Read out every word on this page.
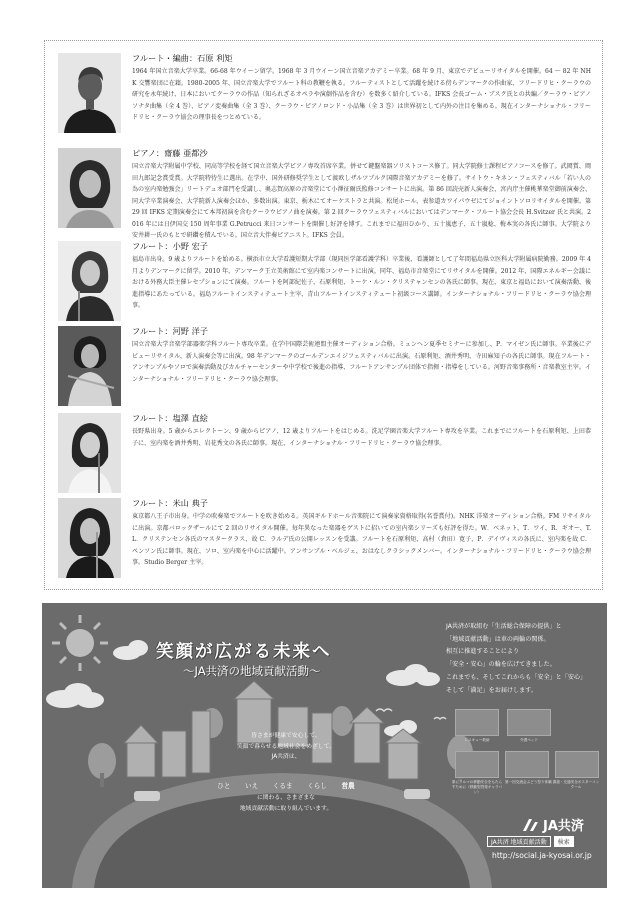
フルート・編曲：石原 利矩
1964 年国立音楽大学卒業。66-68 年ウイーン留学。1968 年 3 月ウイーン国立音楽アカデミー卒業。68 年 9 月、東京でデビューリサイタルを開催。64 ～ 82 年 NHK 交響楽団に在籍。1980-2005 年、国立音楽大学でフルート科の教鞭を執る。フルーティストとして活躍を続ける傍らデンマークの作曲家、フリードリヒ・クーラウの研究を永年続け、日本においてクーラウの作品（知られざるオペラや演劇作品を含む）を数多く紹介している。IFKS 会長ゴーム・ブスク氏との共編／クーラウ・ピアノソナタ曲集（全 4 巻）、ピアノ変奏曲集（全 3 巻）、クーラウ・ピアノロンド・小品集（全 3 巻）は世界初として内外の注目を集める。現在インターナショナル・フリードリヒ・クーラウ協会の理事長をつとめている。
ピアノ：齋藤 亜都沙
国立音楽大学附属中学校、同高等学校を経て国立音楽大学ピアノ専攻首席卒業。併せて鍵盤楽器ソリストコース修了。同大学院修士課程ピアノコースを修了。武岡賞、岡田九郎記念賞受賞。大学院特待生に選出。在学中、国外研修奨学生として渡欧しザルツブルク国際音楽アカデミーを修了。サイトウ・キネン・フェスティバル「若い人の為の室内楽勉強会」リートデュオ部門を受講し、奥志賀高原の音楽堂にて小澤征爾氏監修コンサートに出演。第 86 回読売新人演奏会、宮内庁主催桃華楽堂御前演奏会、同大学卒業演奏会、大学院新人演奏会ほか、多数出演。東京、栃木にてオーケストラと共演。松尾ホール、表参道カワイパウゼにてジョイントソロリサイタルを開催。第 29 回 IFKS 定期演奏会にて本邦初演を含むクーラウピアノ曲を演奏。第 2 回クーラウフェスティバルにおいてはデンマーク・フルート協会会長 H.Svitzer 氏と共演。2016 年には日伊国交 150 周年事業 G.Petrucci 来日コンサートを開催し好評を博す。これまでに福田ひかり、五十嵐恵子、五十嵐稔、梅本実の各氏に師事。大学院より安井耕一氏のもとで研鑽を積んでいる。国立音大伴奏ピアニスト。IFKS 会員。
フルート：小野 宏子
福島市出身。9 歳よりフルートを始める。横浜市立大学看護短期大学部（現同医学部看護学科）卒業後、看護師として了年間福島県立医科大学附属病院勤務。2009 年 4 月よりデンマークに留学。2010 年、デンマーク王立美術館にて室内楽コンサートに出演。同年、福島市音楽堂にてリサイタルを開催。2012 年、国際エネルギー会議における外務大臣主催レセプションにて演奏。フルートを阿部紀佐子、石原利矩、トーケ・ルン・クリステャンセンの各氏に師事。現在、東京と福島において演奏活動、後進指導にあたっている。福島フルートインスティテュート主宰、青山フルートインスティテュート初級コース講師。インターナショナル・フリードリヒ・クーラウ協会理事。
フルート：河野 洋子
国立音楽大学音楽学部器楽学科フルート専攻卒業。在学中国際芸術連盟主催オーディション合格。ミュンヘン夏季セミナーに参加し、P．マイゼン氏に師事。卒業後にデビューリサイタル、新人演奏会等に出演。98 年デンマークのゴールデンエイジフェスティバルに出演。石原利矩、酒井秀明、寺田麻知子の各氏に師事。現在フルート・アンサンブルやソロで演奏活動及びカルチャーセンターや中学校で後進の指導、フルートアンサンブル団体で指揮・指導をしている。河野音楽事務所・音楽教室主宰。インターナショナル・フリードリヒ・クーラウ協会理事。
フルート：塩澤 直絵
長野県出身。5 歳からエレクトーン、9 歳からピアノ、12 歳よりフルートをはじめる。洗足学園音楽大学フルート専攻を卒業。これまでにフルートを石原利矩、上田恭子に、室内楽を酒井秀明、岩花秀文の各氏に師事。現在、インターナショナル・フリードリヒ・クーラウ協会理事。
フルート：米山 典子
東京都八王子市出身。中学の吹奏楽でフルートを吹き始める。英国ギルドホール音楽院にて演奏家資格取得(名誉賞付)。NHK 洋楽オーディション合格。FM リサイタルに出演。京都バロックザールにて 2 回のリサイタル開催。毎年異なった楽器をゲストに招いての室内楽シリーズも好評を得た。W．ベネット、T．ワイ、R．ギオー、T.L．クリステンセン各氏のマスタークラス、故 C．ラルデ氏の公開レッスンを受講。フルートを石原利矩、高村（倉田）寛子、P．デイヴィスの各氏に、室内楽を故 C．ペンソン氏に師事。現在、ソロ、室内楽を中心に活躍中。アンサンブル・ベルジェ、おはなしクラシックメンバー。インターナショナル・フリードリヒ・クーラウ協会理事。Studio Berger 主宰。
笑顔が広がる未来へ
～JA共済の地域貢献活動～
JA共済が取組む「生活総合保障の提供」と
「地域貢献活動」は車の両輪の関係。
相互に推進することにより
「安全・安心」の輪を広げてきました。
これまでも、そしてこれからも「安全」と「安心」
そして「満足」をお届けします。
皆さまが健康で安心して、
笑顔で暮らせる地域社会をめざして。
JA共済は、
ひと いえ くるま くらし 営農
に関わる、さまざまな
地域貢献活動に取り組んでいます。
レスキュー救助	介護ベッド
県にクルマの移動安全をもたらすために（移動型啓発キャラバン）
第一回交流会ぶどう狩り体験 書道・交通安全ポスターコンクール
JA共済
JA共済 地域貢献活動 検索
http://social.ja-kyosai.or.jp
